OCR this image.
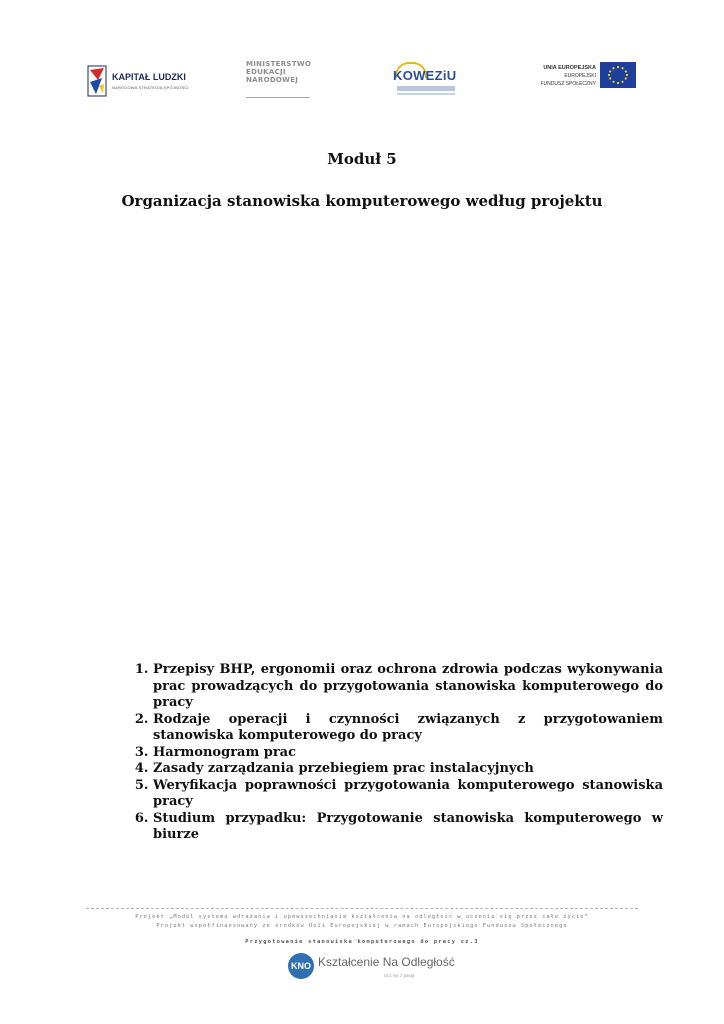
KAPITAŁ LUDZKI
NARODOWA STRATEGIA SPÓJNOŚCI
MINISTERSTWO
EDUKACJI
NARODOWEJ	KOWEZiU	UNIA EUROPEJSKA
EUROPEJSKI
FUNDUSZ SPOŁECZNY
Moduł 5
Organizacja stanowiska komputerowego według projektu
1. Przepisy BHP, ergonomii oraz ochrona zdrowia podczas wykonywania prac prowadzących do przygotowania stanowiska komputerowego do pracy
2. Rodzaje operacji i czynności związanych z przygotowaniem stanowiska komputerowego do pracy
3. Harmonogram prac
4. Zasady zarządzania przebiegiem prac instalacyjnych
5. Weryfikacja poprawności przygotowania komputerowego stanowiska pracy
6. Studium przypadku: Przygotowanie stanowiska komputerowego w biurze
Projekt „Model systemu wdrażania i upowszechniania kształcenia na odległość w uczeniu się przez całe życie”
Projekt współfinansowany ze środków Unii Europejskiej w ramach Europejskiego Funduszu Społecznego
Przygotowanie stanowiska komputerowego do pracy cz.3
KNO Kształcenie Na Odległość
Ucz się z pasją
